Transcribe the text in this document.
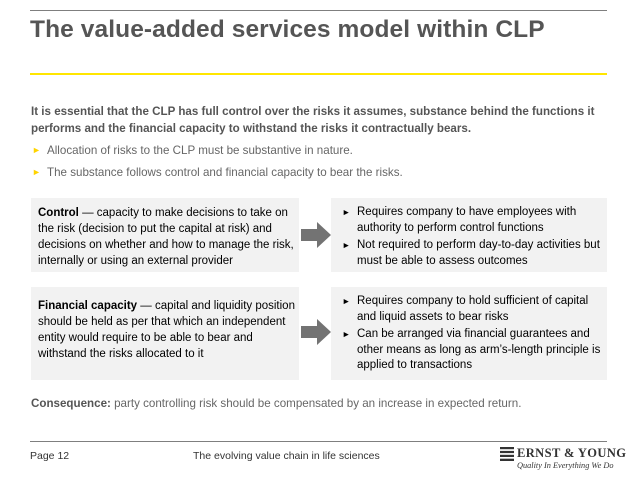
The value-added services model within CLP
It is essential that the CLP has full control over the risks it assumes, substance behind the functions it performs and the financial capacity to withstand the risks it contractually bears.
► Allocation of risks to the CLP must be substantive in nature.
► The substance follows control and financial capacity to bear the risks.
Control — capacity to make decisions to take on the risk (decision to put the capital at risk) and decisions on whether and how to manage the risk, internally or using an external provider
► Requires company to have employees with authority to perform control functions
► Not required to perform day-to-day activities but must be able to assess outcomes
Financial capacity — capital and liquidity position should be held as per that which an independent entity would require to be able to bear and withstand the risks allocated to it
► Requires company to hold sufficient of capital and liquid assets to bear risks
► Can be arranged via financial guarantees and other means as long as arm’s-length principle is applied to transactions
Consequence: party controlling risk should be compensated by an increase in expected return.
Page 12	The evolving value chain in life sciences	ERNST & YOUNG
Quality In Everything We Do
